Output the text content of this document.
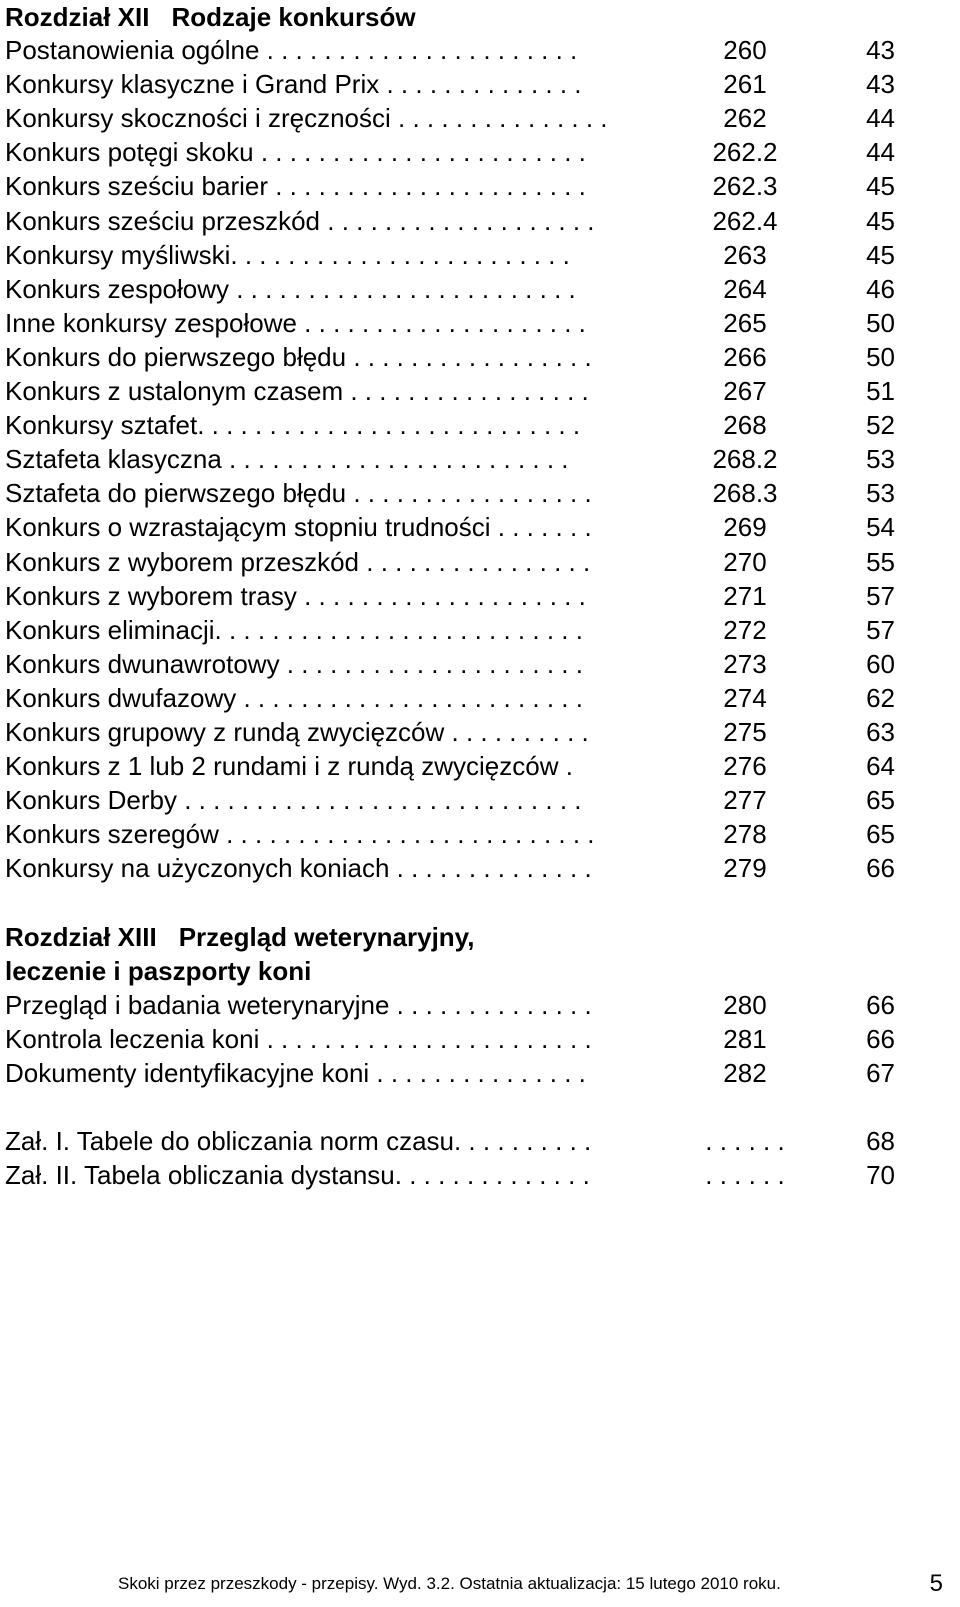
Rozdział XII Rodzaje konkursów
Postanowienia ogólne . . . . . . . . . . . . . . . . . . . . . .	260	43
Konkursy klasyczne i Grand Prix . . . . . . . . . . . . . .	261	43
Konkursy skoczności i zręczności . . . . . . . . . . . . . . .	262	44
Konkurs potęgi skoku . . . . . . . . . . . . . . . . . . . . . . .	262.2	44
Konkurs sześciu barier . . . . . . . . . . . . . . . . . . . . . .	262.3	45
Konkurs sześciu przeszkód . . . . . . . . . . . . . . . . . . .	262.4	45
Konkursy myśliwski. . . . . . . . . . . . . . . . . . . . . . . .	263	45
Konkurs zespołowy . . . . . . . . . . . . . . . . . . . . . . . .	264	46
Inne konkursy zespołowe . . . . . . . . . . . . . . . . . . . .	265	50
Konkurs do pierwszego błędu . . . . . . . . . . . . . . . . .	266	50
Konkurs z ustalonym czasem . . . . . . . . . . . . . . . . .	267	51
Konkursy sztafet. . . . . . . . . . . . . . . . . . . . . . . . . . .	268	52
Sztafeta klasyczna . . . . . . . . . . . . . . . . . . . . . . . .	268.2	53
Sztafeta do pierwszego błędu . . . . . . . . . . . . . . . . .	268.3	53
Konkurs o wzrastającym stopniu trudności . . . . . . .	269	54
Konkurs z wyborem przeszkód . . . . . . . . . . . . . . . .	270	55
Konkurs z wyborem trasy . . . . . . . . . . . . . . . . . . . .	271	57
Konkurs eliminacji. . . . . . . . . . . . . . . . . . . . . . . . . .	272	57
Konkurs dwunawrotowy . . . . . . . . . . . . . . . . . . . . .	273	60
Konkurs dwufazowy . . . . . . . . . . . . . . . . . . . . . . . .	274	62
Konkurs grupowy z rundą zwycięzców . . . . . . . . . .	275	63
Konkurs z 1 lub 2 rundami i z rundą zwycięzców .	276	64
Konkurs Derby . . . . . . . . . . . . . . . . . . . . . . . . . . . .	277	65
Konkurs szeregów . . . . . . . . . . . . . . . . . . . . . . . . . .	278	65
Konkursy na użyczonych koniach . . . . . . . . . . . . . .	279	66
Rozdział XIII Przegląd weterynaryjny,
leczenie i paszporty koni
Przegląd i badania weterynaryjne . . . . . . . . . . . . . .	280	66
Kontrola leczenia koni . . . . . . . . . . . . . . . . . . . . . . .	281	66
Dokumenty identyfikacyjne koni . . . . . . . . . . . . . . .	282	67
Zał. I. Tabele do obliczania norm czasu. . . . . . . . . .	. . . . . .	68
Zał. II. Tabela obliczania dystansu. . . . . . . . . . . . . .	. . . . . .	70
Skoki przez przeszkody - przepisy. Wyd. 3.2. Ostatnia aktualizacja: 15 lutego 2010 roku.	5
